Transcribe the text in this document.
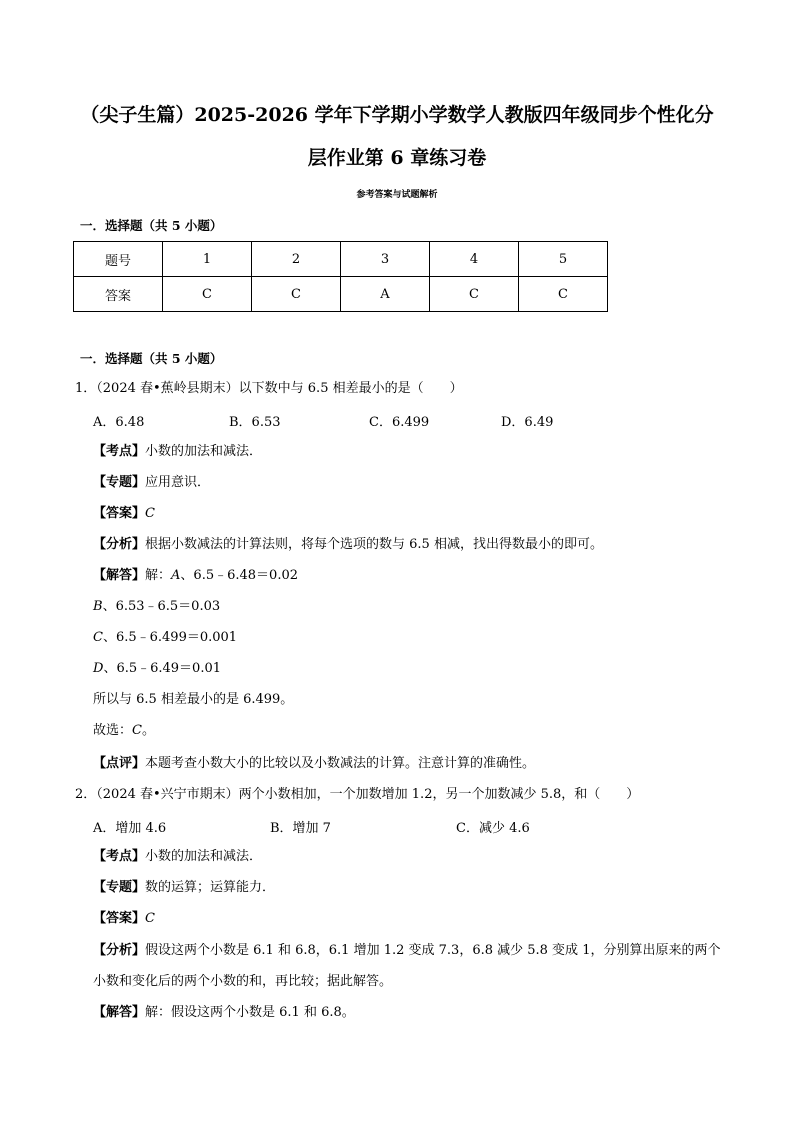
（尖子生篇）2025-2026 学年下学期小学数学人教版四年级同步个性化分
层作业第 6 章练习卷
参考答案与试题解析
一．选择题（共 5 小题）
题号	1	2	3	4	5
答案	C	C	A	C	C
一．选择题（共 5 小题）
1．（2024 春•蕉岭县期末）以下数中与 6.5 相差最小的是（　　）
A．6.48	B．6.53	C．6.499	D．6.49
【考点】小数的加法和减法．
【专题】应用意识．
【答案】C
【分析】根据小数减法的计算法则，将每个选项的数与 6.5 相减，找出得数最小的即可。
【解答】解：A、6.5﹣6.48＝0.02
B、6.53﹣6.5＝0.03
C、6.5﹣6.499＝0.001
D、6.5﹣6.49＝0.01
所以与 6.5 相差最小的是 6.499。
故选：C。
【点评】本题考查小数大小的比较以及小数减法的计算。注意计算的准确性。
2．（2024 春•兴宁市期末）两个小数相加，一个加数增加 1.2，另一个加数减少 5.8，和（　　）
A．增加 4.6	B．增加 7	C．减少 4.6
【考点】小数的加法和减法．
【专题】数的运算；运算能力．
【答案】C
【分析】假设这两个小数是 6.1 和 6.8，6.1 增加 1.2 变成 7.3，6.8 减少 5.8 变成 1，分别算出原来的两个
小数和变化后的两个小数的和，再比较；据此解答。
【解答】解：假设这两个小数是 6.1 和 6.8。
